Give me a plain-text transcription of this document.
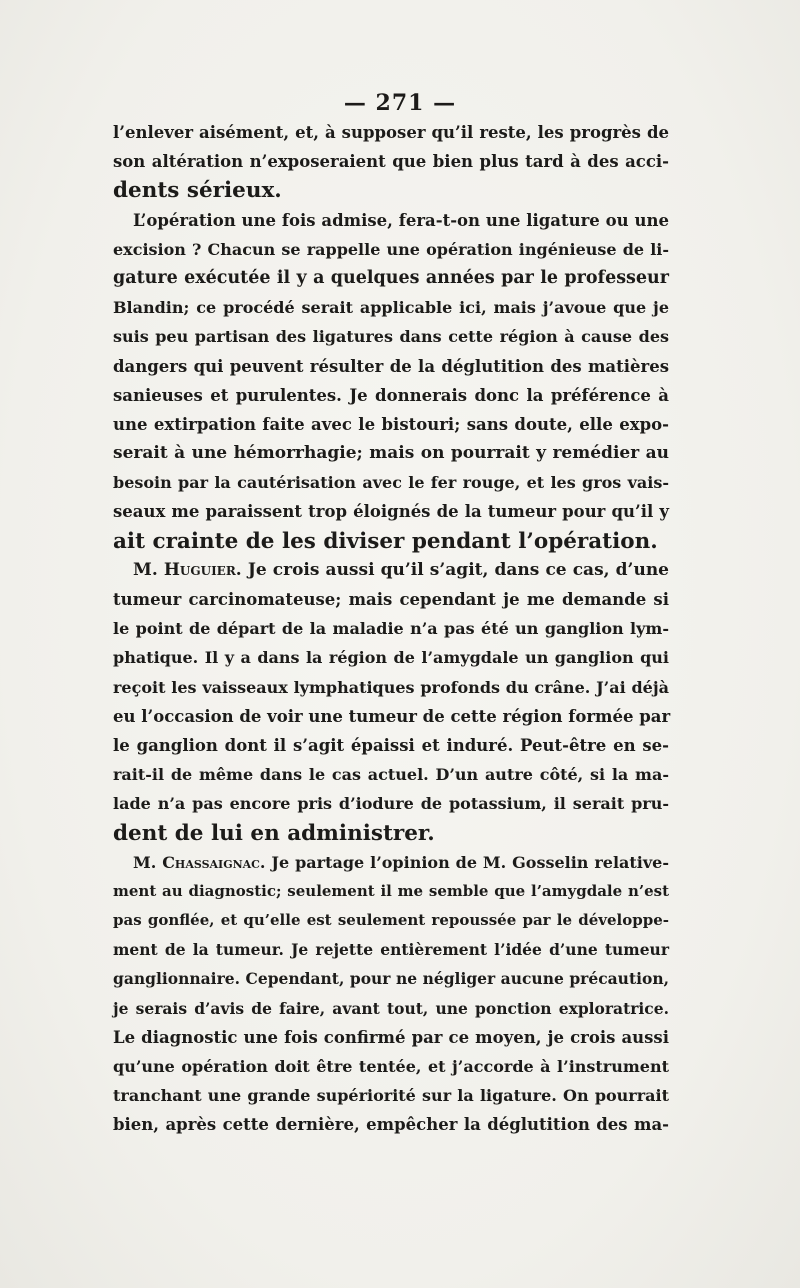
— 271 —
l’enlever aisément, et, à supposer qu’il reste, les progrès de
son altération n’exposeraient que bien plus tard à des acci-
dents sérieux.
L’opération une fois admise, fera-t-on une ligature ou une
excision ? Chacun se rappelle une opération ingénieuse de li-
gature exécutée il y a quelques années par le professeur
Blandin; ce procédé serait applicable ici, mais j’avoue que je
suis peu partisan des ligatures dans cette région à cause des
dangers qui peuvent résulter de la déglutition des matières
sanieuses et purulentes. Je donnerais donc la préférence à
une extirpation faite avec le bistouri; sans doute, elle expo-
serait à une hémorrhagie; mais on pourrait y remédier au
besoin par la cautérisation avec le fer rouge, et les gros vais-
seaux me paraissent trop éloignés de la tumeur pour qu’il y
ait crainte de les diviser pendant l’opération.
M. Huguier. Je crois aussi qu’il s’agit, dans ce cas, d’une
tumeur carcinomateuse; mais cependant je me demande si
le point de départ de la maladie n’a pas été un ganglion lym-
phatique. Il y a dans la région de l’amygdale un ganglion qui
reçoit les vaisseaux lymphatiques profonds du crâne. J’ai déjà
eu l’occasion de voir une tumeur de cette région formée par
le ganglion dont il s’agit épaissi et induré. Peut-être en se-
rait-il de même dans le cas actuel. D’un autre côté, si la ma-
lade n’a pas encore pris d’iodure de potassium, il serait pru-
dent de lui en administrer.
M. Chassaignac. Je partage l’opinion de M. Gosselin relative-
ment au diagnostic; seulement il me semble que l’amygdale n’est
pas gonflée, et qu’elle est seulement repoussée par le développe-
ment de la tumeur. Je rejette entièrement l’idée d’une tumeur
ganglionnaire. Cependant, pour ne négliger aucune précaution,
je serais d’avis de faire, avant tout, une ponction exploratrice.
Le diagnostic une fois confirmé par ce moyen, je crois aussi
qu’une opération doit être tentée, et j’accorde à l’instrument
tranchant une grande supériorité sur la ligature. On pourrait
bien, après cette dernière, empêcher la déglutition des ma-
